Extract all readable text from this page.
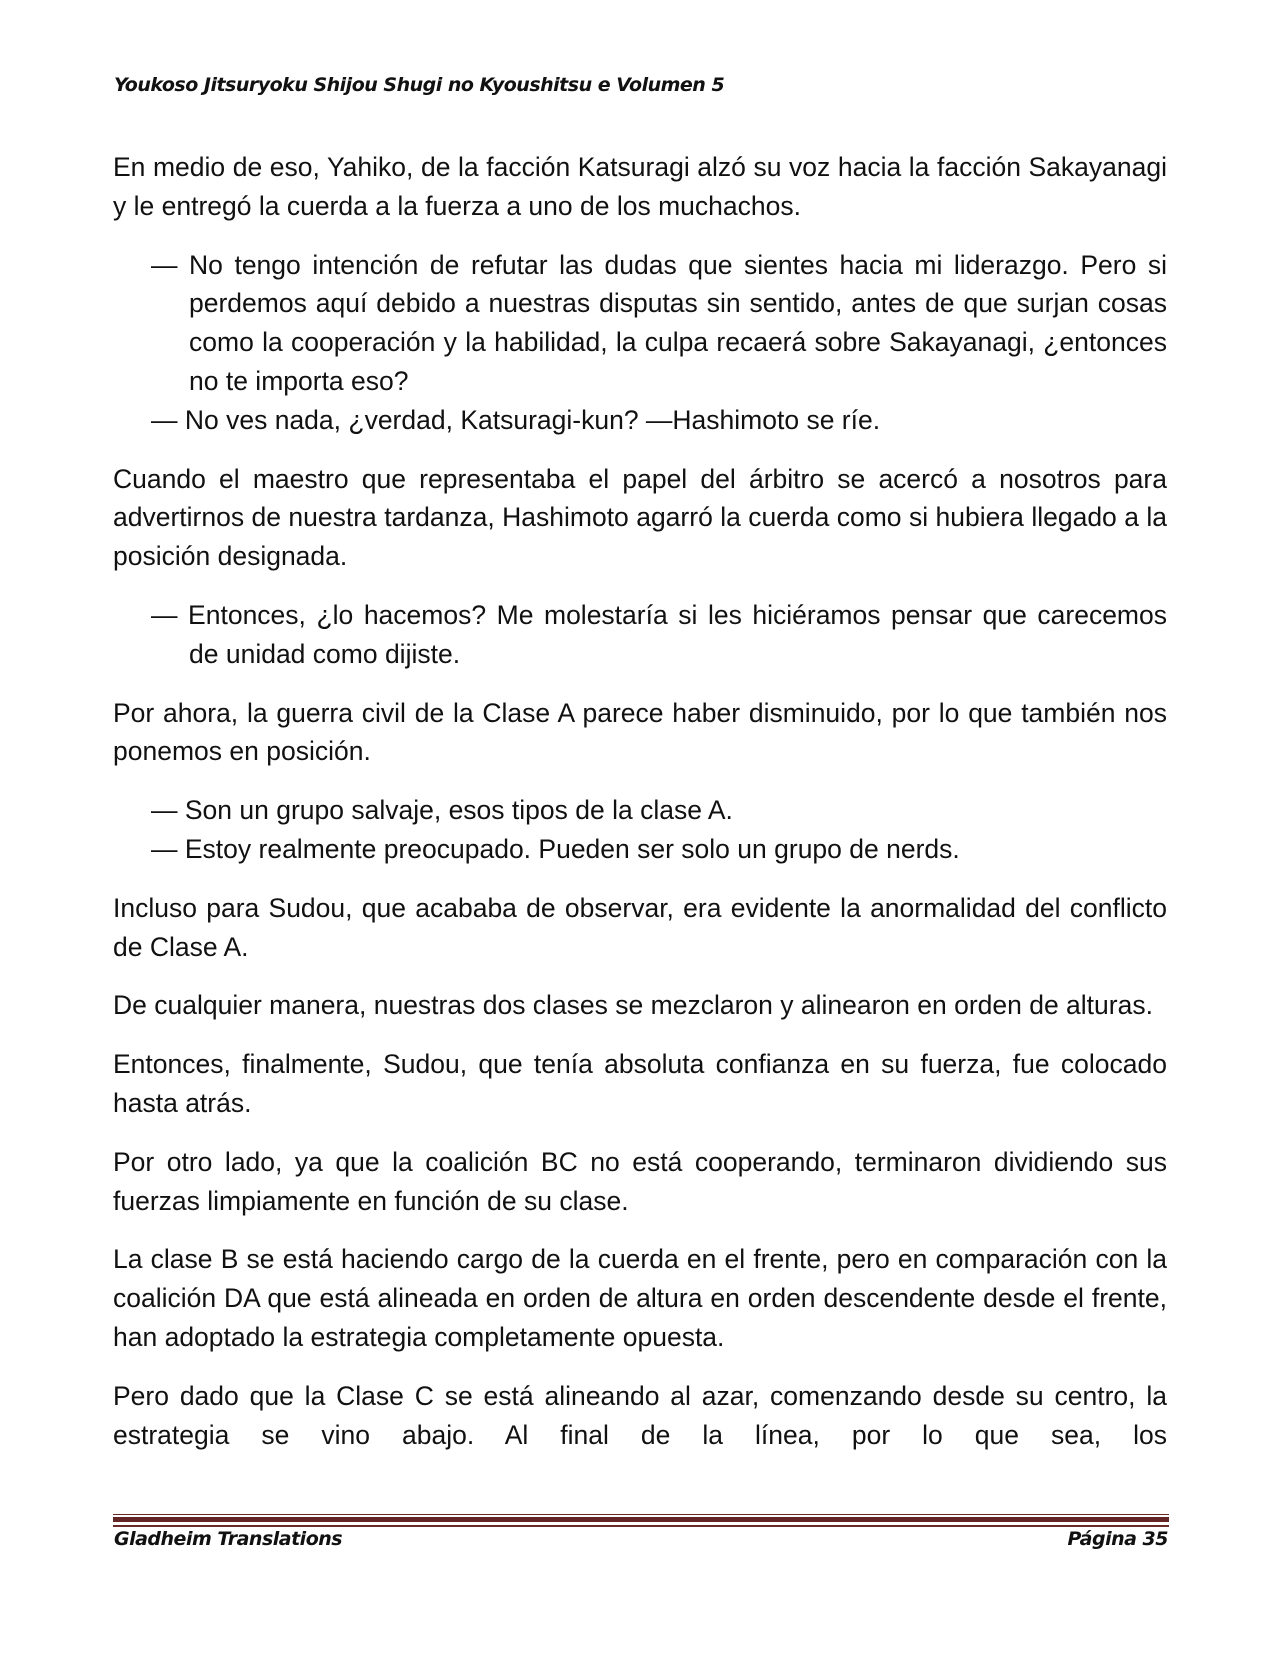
Youkoso Jitsuryoku Shijou Shugi no Kyoushitsu e Volumen 5

En medio de eso, Yahiko, de la facción Katsuragi alzó su voz hacia la facción Sakayanagi y le entregó la cuerda a la fuerza a uno de los muchachos.

— No tengo intención de refutar las dudas que sientes hacia mi liderazgo. Pero si perdemos aquí debido a nuestras disputas sin sentido, antes de que surjan cosas como la cooperación y la habilidad, la culpa recaerá sobre Sakayanagi, ¿entonces no te importa eso?

— No ves nada, ¿verdad, Katsuragi-kun? —Hashimoto se ríe.

Cuando el maestro que representaba el papel del árbitro se acercó a nosotros para advertirnos de nuestra tardanza, Hashimoto agarró la cuerda como si hubiera llegado a la posición designada.

— Entonces, ¿lo hacemos? Me molestaría si les hiciéramos pensar que carecemos de unidad como dijiste.

Por ahora, la guerra civil de la Clase A parece haber disminuido, por lo que también nos ponemos en posición.

— Son un grupo salvaje, esos tipos de la clase A.

— Estoy realmente preocupado. Pueden ser solo un grupo de nerds.

Incluso para Sudou, que acababa de observar, era evidente la anormalidad del conflicto de Clase A.

De cualquier manera, nuestras dos clases se mezclaron y alinearon en orden de alturas.

Entonces, finalmente, Sudou, que tenía absoluta confianza en su fuerza, fue colocado hasta atrás.

Por otro lado, ya que la coalición BC no está cooperando, terminaron dividiendo sus fuerzas limpiamente en función de su clase.

La clase B se está haciendo cargo de la cuerda en el frente, pero en comparación con la coalición DA que está alineada en orden de altura en orden descendente desde el frente, han adoptado la estrategia completamente opuesta.

Pero dado que la Clase C se está alineando al azar, comenzando desde su centro, la estrategia se vino abajo. Al final de la línea, por lo que sea, los

Gladheim Translations	Página 35
